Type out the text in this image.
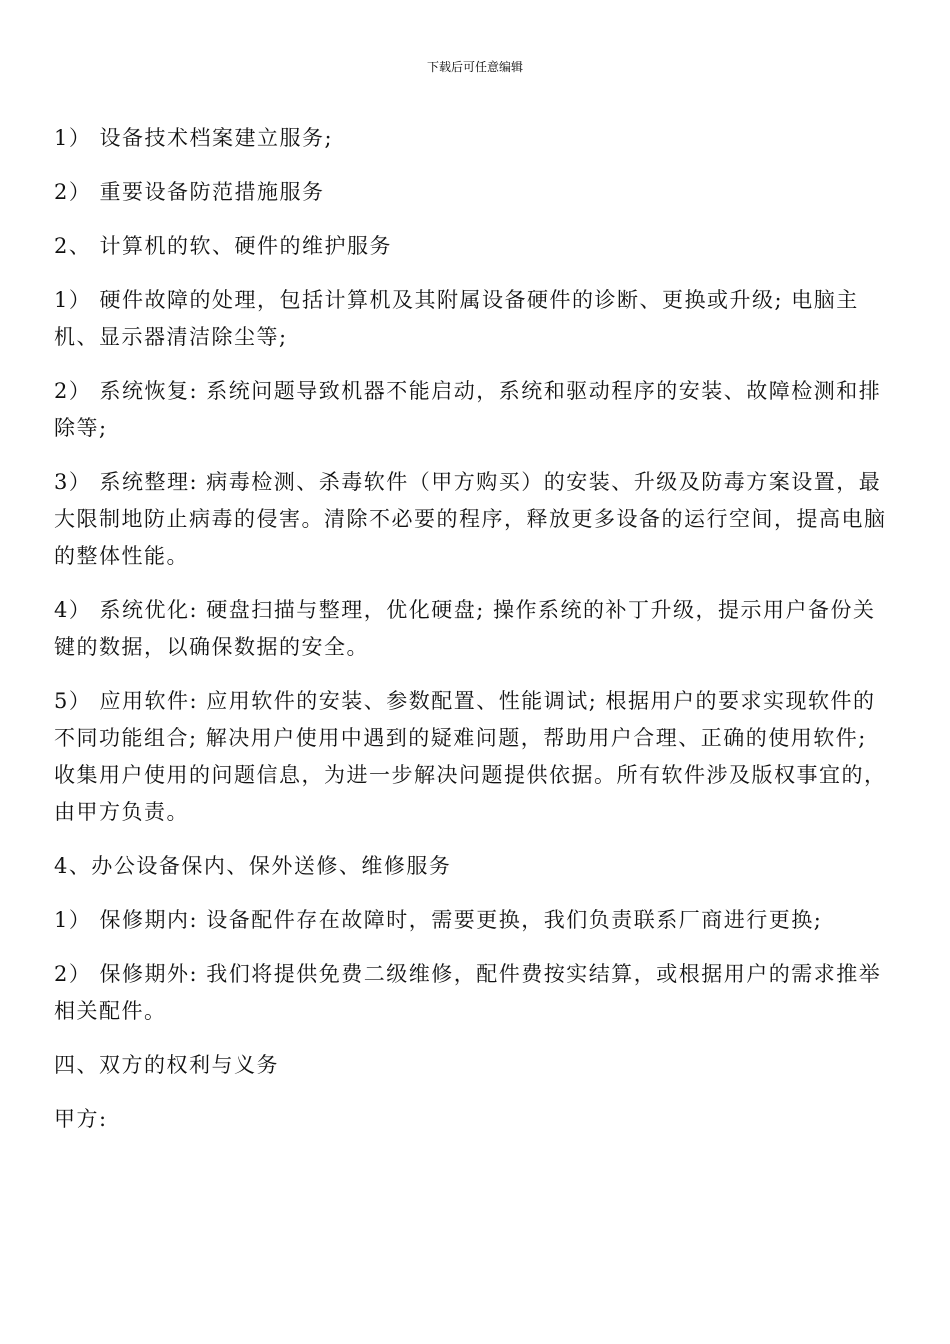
下载后可任意编辑

1） 设备技术档案建立服务;

2） 重要设备防范措施服务

2、 计算机的软、硬件的维护服务

1） 硬件故障的处理，包括计算机及其附属设备硬件的诊断、更换或升级; 电脑主机、显示器清洁除尘等;

2） 系统恢复: 系统问题导致机器不能启动，系统和驱动程序的安装、故障检测和排除等;

3） 系统整理: 病毒检测、杀毒软件（甲方购买）的安装、升级及防毒方案设置，最大限制地防止病毒的侵害。清除不必要的程序，释放更多设备的运行空间，提高电脑的整体性能。

4） 系统优化: 硬盘扫描与整理，优化硬盘; 操作系统的补丁升级，提示用户备份关键的数据，以确保数据的安全。

5） 应用软件: 应用软件的安装、参数配置、性能调试; 根据用户的要求实现软件的不同功能组合; 解决用户使用中遇到的疑难问题，帮助用户合理、正确的使用软件; 收集用户使用的问题信息，为进一步解决问题提供依据。所有软件涉及版权事宜的，由甲方负责。

4、办公设备保内、保外送修、维修服务

1） 保修期内: 设备配件存在故障时，需要更换，我们负责联系厂商进行更换;

2） 保修期外: 我们将提供免费二级维修，配件费按实结算，或根据用户的需求推举相关配件。

四、双方的权利与义务

甲方:
